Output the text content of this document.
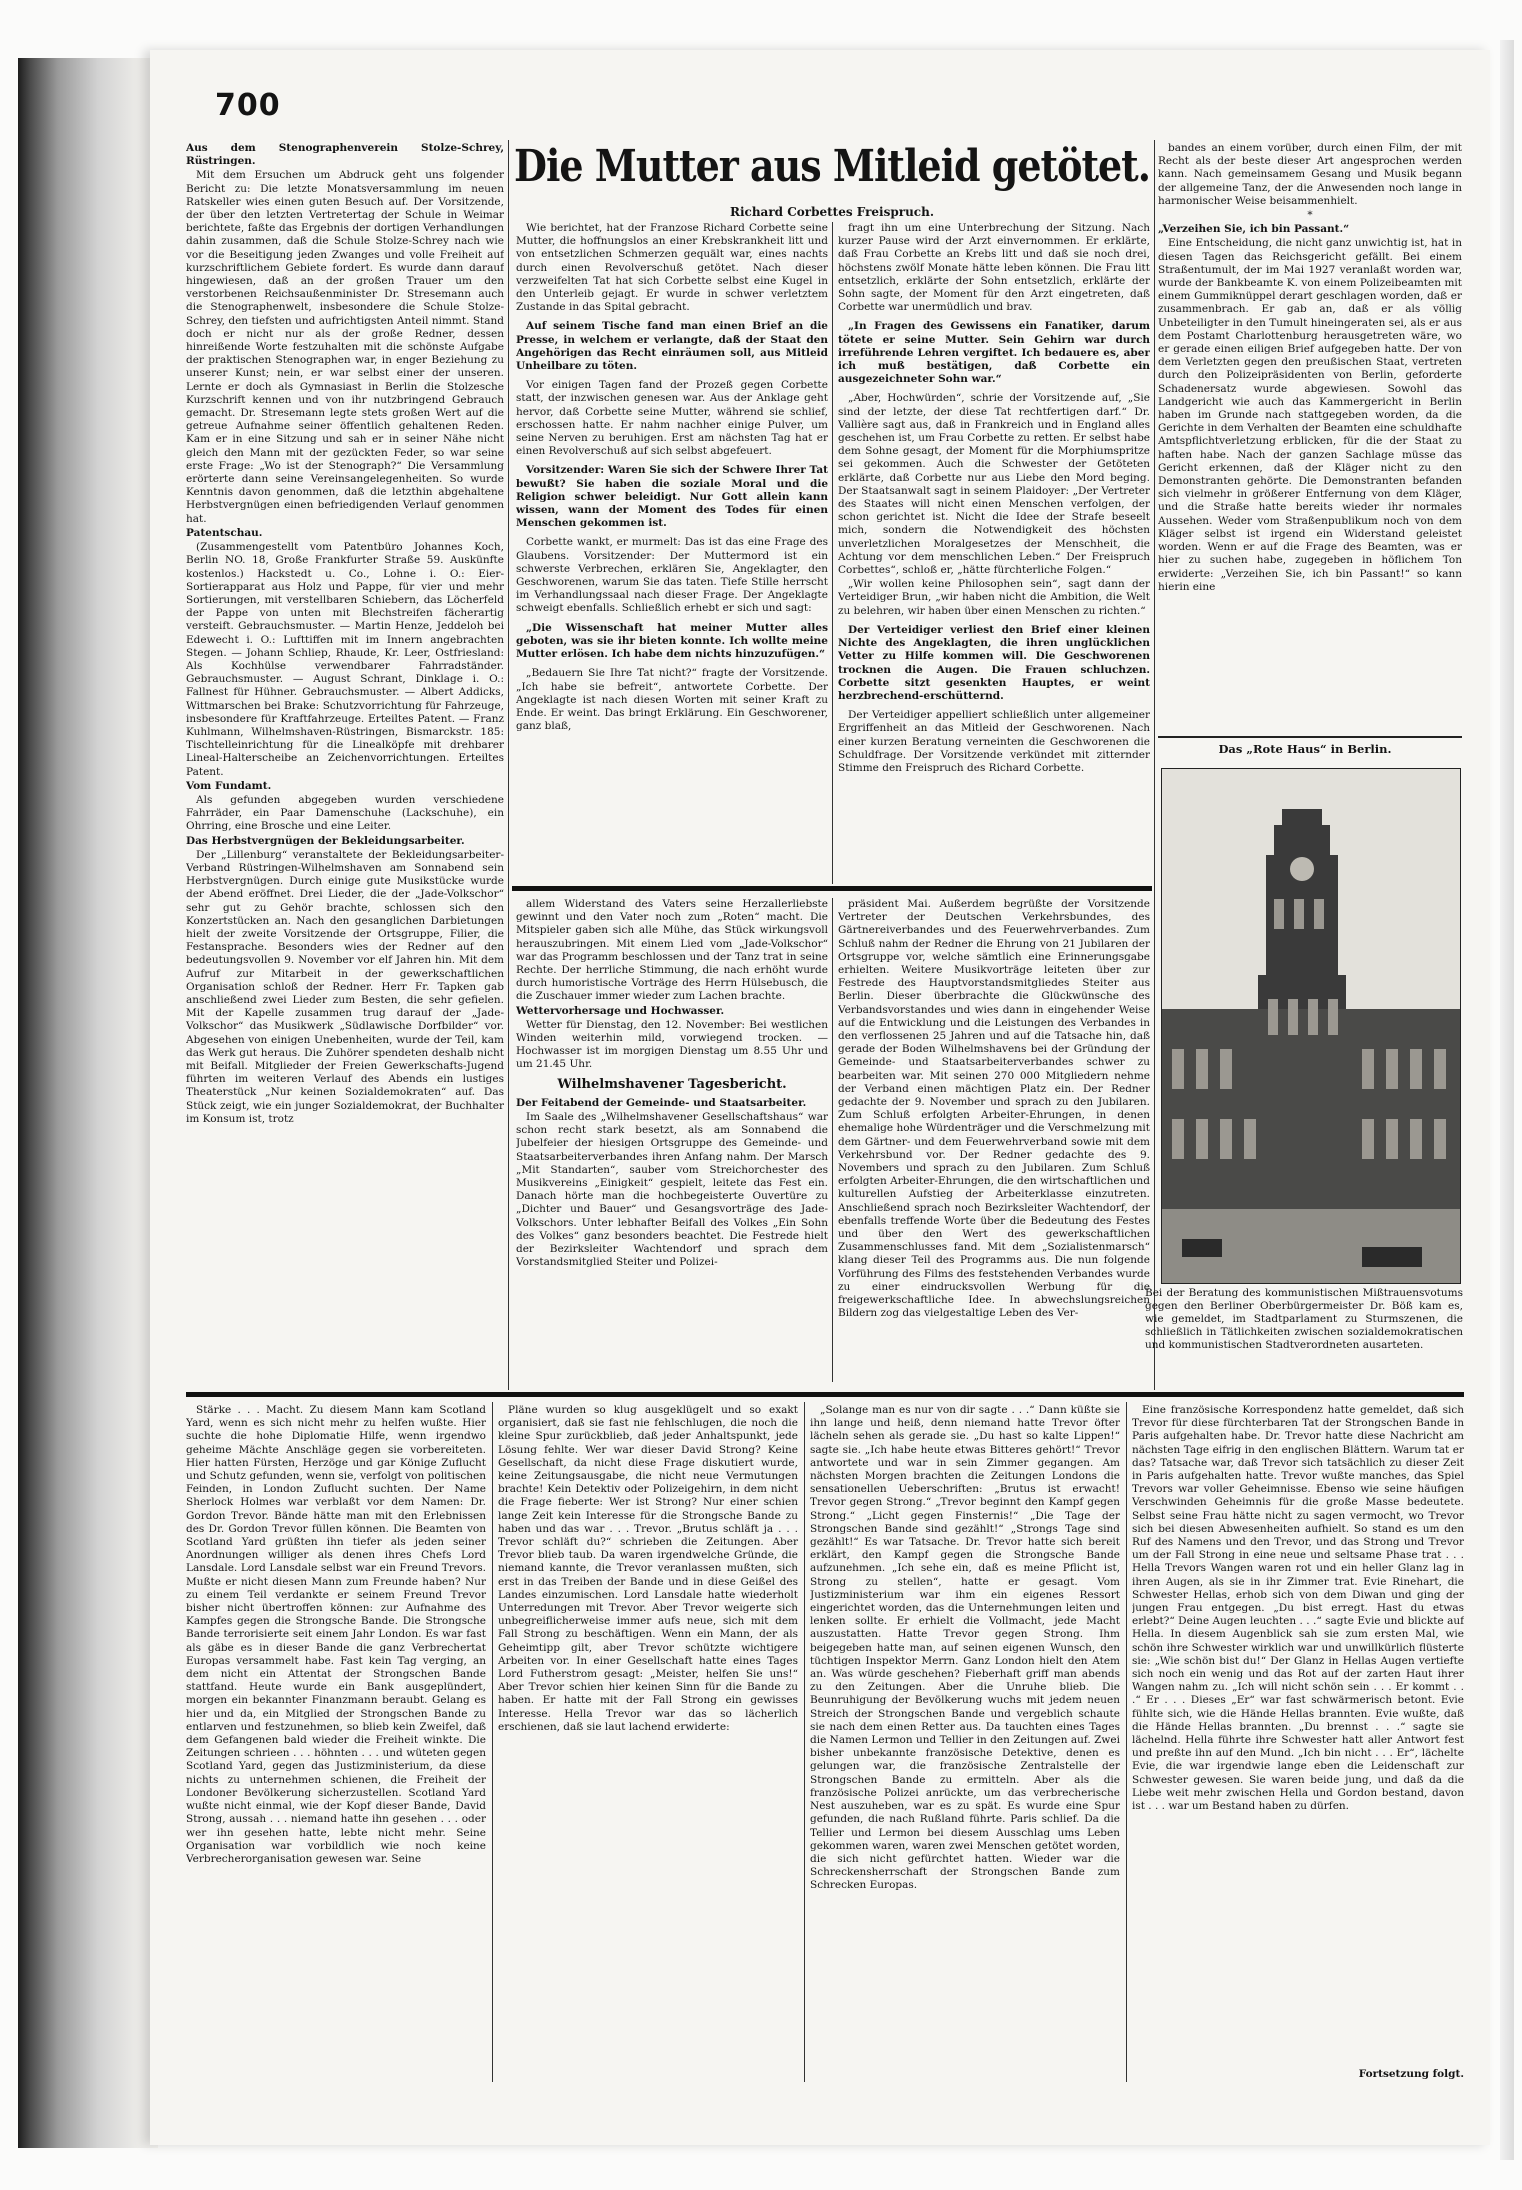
700

Aus dem Stenographenverein Stolze-Schrey, Rüstringen.

Mit dem Ersuchen um Abdruck geht uns folgender Bericht zu: Die letzte Monatsversammlung im neuen Ratskeller wies einen guten Besuch auf. Der Vorsitzende, der über den letzten Vertretertag der Schule in Weimar berichtete, faßte das Ergebnis der dortigen Verhandlungen dahin zusammen, daß die Schule Stolze-Schrey nach wie vor die Beseitigung jeden Zwanges und volle Freiheit auf kurzschriftlichem Gebiete fordert. Es wurde dann darauf hingewiesen, daß an der großen Trauer um den verstorbenen Reichsaußenminister Dr. Stresemann auch die Stenographenwelt, insbesondere die Schule Stolze-Schrey, den tiefsten und aufrichtigsten Anteil nimmt. Stand doch er nicht nur als der große Redner, dessen hinreißende Worte festzuhalten mit die schönste Aufgabe der praktischen Stenographen war, in enger Beziehung zu unserer Kunst; nein, er war selbst einer der unseren. Lernte er doch als Gymnasiast in Berlin die Stolzesche Kurzschrift kennen und von ihr nutzbringend Gebrauch gemacht. Dr. Stresemann legte stets großen Wert auf die getreue Aufnahme seiner öffentlich gehaltenen Reden. Kam er in eine Sitzung und sah er in seiner Nähe nicht gleich den Mann mit der gezückten Feder, so war seine erste Frage: „Wo ist der Stenograph?“ Die Versammlung erörterte dann seine Vereinsangelegenheiten. So wurde Kenntnis davon genommen, daß die letzthin abgehaltene Herbstvergnügen einen befriedigenden Verlauf genommen hat.

Patentschau.

(Zusammengestellt vom Patentbüro Johannes Koch, Berlin NO. 18, Große Frankfurter Straße 59. Auskünfte kostenlos.) Hackstedt u. Co., Lohne i. O.: Eier-Sortierapparat aus Holz und Pappe, für vier und mehr Sortierungen, mit verstellbaren Schiebern, das Löcherfeld der Pappe von unten mit Blechstreifen fächerartig versteift. Gebrauchsmuster. — Martin Henze, Jeddeloh bei Edewecht i. O.: Lufttiffen mit im Innern angebrachten Stegen. — Johann Schliep, Rhaude, Kr. Leer, Ostfriesland: Als Kochhülse verwendbarer Fahrradständer. Gebrauchsmuster. — August Schrant, Dinklage i. O.: Fallnest für Hühner. Gebrauchsmuster. — Albert Addicks, Wittmarschen bei Brake: Schutzvorrichtung für Fahrzeuge, insbesondere für Kraftfahrzeuge. Erteiltes Patent. — Franz Kuhlmann, Wilhelmshaven-Rüstringen, Bismarckstr. 185: Tischtelleinrichtung für die Linealköpfe mit drehbarer Lineal-Halterscheibe an Zeichenvorrichtungen. Erteiltes Patent.

Vom Fundamt.

Als gefunden abgegeben wurden verschiedene Fahrräder, ein Paar Damenschuhe (Lackschuhe), ein Ohrring, eine Brosche und eine Leiter.

Das Herbstvergnügen der Bekleidungsarbeiter.

Der „Lillenburg“ veranstaltete der Bekleidungsarbeiter-Verband Rüstringen-Wilhelmshaven am Sonnabend sein Herbstvergnügen. Durch einige gute Musikstücke wurde der Abend eröffnet. Drei Lieder, die der „Jade-Volkschor“ sehr gut zu Gehör brachte, schlossen sich den Konzertstücken an. Nach den gesanglichen Darbietungen hielt der zweite Vorsitzende der Ortsgruppe, Filier, die Festansprache. Besonders wies der Redner auf den bedeutungsvollen 9. November vor elf Jahren hin. Mit dem Aufruf zur Mitarbeit in der gewerkschaftlichen Organisation schloß der Redner. Herr Fr. Tapken gab anschließend zwei Lieder zum Besten, die sehr gefielen. Mit der Kapelle zusammen trug darauf der „Jade-Volkschor“ das Musikwerk „Südlawische Dorfbilder“ vor. Abgesehen von einigen Unebenheiten, wurde der Teil, kam das Werk gut heraus. Die Zuhörer spendeten deshalb nicht mit Beifall. Mitglieder der Freien Gewerkschafts-Jugend führten im weiteren Verlauf des Abends ein lustiges Theaterstück „Nur keinen Sozialdemokraten“ auf. Das Stück zeigt, wie ein junger Sozialdemokrat, der Buchhalter im Konsum ist, trotz

Die Mutter aus Mitleid getötet.
Richard Corbettes Freispruch.

Wie berichtet, hat der Franzose Richard Corbette seine Mutter, die hoffnungslos an einer Krebskrankheit litt und von entsetzlichen Schmerzen gequält war, eines nachts durch einen Revolverschuß getötet. Nach dieser verzweifelten Tat hat sich Corbette selbst eine Kugel in den Unterleib gejagt. Er wurde in schwer verletztem Zustande in das Spital gebracht.

Auf seinem Tische fand man einen Brief an die Presse, in welchem er verlangte, daß der Staat den Angehörigen das Recht einräumen soll, aus Mitleid Unheilbare zu töten.

Vor einigen Tagen fand der Prozeß gegen Corbette statt, der inzwischen genesen war. Aus der Anklage geht hervor, daß Corbette seine Mutter, während sie schlief, erschossen hatte. Er nahm nachher einige Pulver, um seine Nerven zu beruhigen. Erst am nächsten Tag hat er einen Revolverschuß auf sich selbst abgefeuert.

Vorsitzender: Waren Sie sich der Schwere Ihrer Tat bewußt? Sie haben die soziale Moral und die Religion schwer beleidigt. Nur Gott allein kann wissen, wann der Moment des Todes für einen Menschen gekommen ist.

Corbette wankt, er murmelt: Das ist das eine Frage des Glaubens. Vorsitzender: Der Muttermord ist ein schwerste Verbrechen, erklären Sie, Angeklagter, den Geschworenen, warum Sie das taten. Tiefe Stille herrscht im Verhandlungssaal nach dieser Frage. Der Angeklagte schweigt ebenfalls. Schließlich erhebt er sich und sagt:

„Die Wissenschaft hat meiner Mutter alles geboten, was sie ihr bieten konnte. Ich wollte meine Mutter erlösen. Ich habe dem nichts hinzuzufügen.“

„Bedauern Sie Ihre Tat nicht?“ fragte der Vorsitzende. „Ich habe sie befreit“, antwortete Corbette. Der Angeklagte ist nach diesen Worten mit seiner Kraft zu Ende. Er weint. Das bringt Erklärung. Ein Geschworener, ganz blaß,

fragt ihn um eine Unterbrechung der Sitzung. Nach kurzer Pause wird der Arzt einvernommen. Er erklärte, daß Frau Corbette an Krebs litt und daß sie noch drei, höchstens zwölf Monate hätte leben können. Die Frau litt entsetzlich, erklärte der Sohn entsetzlich, erklärte der Sohn sagte, der Moment für den Arzt eingetreten, daß Corbette war unermüdlich und brav.

„In Fragen des Gewissens ein Fanatiker, darum tötete er seine Mutter. Sein Gehirn war durch irreführende Lehren vergiftet. Ich bedauere es, aber ich muß bestätigen, daß Corbette ein ausgezeichneter Sohn war.“

„Aber, Hochwürden“, schrie der Vorsitzende auf, „Sie sind der letzte, der diese Tat rechtfertigen darf.“ Dr. Vallière sagt aus, daß in Frankreich und in England alles geschehen ist, um Frau Corbette zu retten. Er selbst habe dem Sohne gesagt, der Moment für die Morphiumspritze sei gekommen. Auch die Schwester der Getöteten erklärte, daß Corbette nur aus Liebe den Mord beging. Der Staatsanwalt sagt in seinem Plaidoyer: „Der Vertreter des Staates will nicht einen Menschen verfolgen, der schon gerichtet ist. Nicht die Idee der Strafe beseelt mich, sondern die Notwendigkeit des höchsten unverletzlichen Moralgesetzes der Menschheit, die Achtung vor dem menschlichen Leben.“ Der Freispruch Corbettes“, schloß er, „hätte fürchterliche Folgen.“

„Wir wollen keine Philosophen sein“, sagt dann der Verteidiger Brun, „wir haben nicht die Ambition, die Welt zu belehren, wir haben über einen Menschen zu richten.“

Der Verteidiger verliest den Brief einer kleinen Nichte des Angeklagten, die ihren unglücklichen Vetter zu Hilfe kommen will. Die Geschworenen trocknen die Augen. Die Frauen schluchzen. Corbette sitzt gesenkten Hauptes, er weint herzbrechend-erschütternd.

Der Verteidiger appelliert schließlich unter allgemeiner Ergriffenheit an das Mitleid der Geschworenen. Nach einer kurzen Beratung verneinten die Geschworenen die Schuldfrage. Der Vorsitzende verkündet mit zitternder Stimme den Freispruch des Richard Corbette.

allem Widerstand des Vaters seine Herzallerliebste gewinnt und den Vater noch zum „Roten“ macht. Die Mitspieler gaben sich alle Mühe, das Stück wirkungsvoll herauszubringen. Mit einem Lied vom „Jade-Volkschor“ war das Programm beschlossen und der Tanz trat in seine Rechte. Der herrliche Stimmung, die nach erhöht wurde durch humoristische Vorträge des Herrn Hülsebusch, die die Zuschauer immer wieder zum Lachen brachte.

Wettervorhersage und Hochwasser.

Wetter für Dienstag, den 12. November: Bei westlichen Winden weiterhin mild, vorwiegend trocken. — Hochwasser ist im morgigen Dienstag um 8.55 Uhr und um 21.45 Uhr.

Wilhelmshavener Tagesbericht.

Der Feitabend der Gemeinde- und Staatsarbeiter.

Im Saale des „Wilhelmshavener Gesellschaftshaus“ war schon recht stark besetzt, als am Sonnabend die Jubelfeier der hiesigen Ortsgruppe des Gemeinde- und Staatsarbeiterverbandes ihren Anfang nahm. Der Marsch „Mit Standarten“, sauber vom Streichorchester des Musikvereins „Einigkeit“ gespielt, leitete das Fest ein. Danach hörte man die hochbegeisterte Ouvertüre zu „Dichter und Bauer“ und Gesangsvorträge des Jade-Volkschors. Unter lebhafter Beifall des Volkes „Ein Sohn des Volkes“ ganz besonders beachtet. Die Festrede hielt der Bezirksleiter Wachtendorf und sprach dem Vorstandsmitglied Steiter und Polizei-

präsident Mai. Außerdem begrüßte der Vorsitzende Vertreter der Deutschen Verkehrsbundes, des Gärtnereiverbandes und des Feuerwehrverbandes. Zum Schluß nahm der Redner die Ehrung von 21 Jubilaren der Ortsgruppe vor, welche sämtlich eine Erinnerungsgabe erhielten. Weitere Musikvorträge leiteten über zur Festrede des Hauptvorstandsmitgliedes Steiter aus Berlin. Dieser überbrachte die Glückwünsche des Verbandsvorstandes und wies dann in eingehender Weise auf die Entwicklung und die Leistungen des Verbandes in den verflossenen 25 Jahren und auf die Tatsache hin, daß gerade der Boden Wilhelmshavens bei der Gründung der Gemeinde- und Staatsarbeiterverbandes schwer zu bearbeiten war. Mit seinen 270 000 Mitgliedern nehme der Verband einen mächtigen Platz ein. Der Redner gedachte der 9. November und sprach zu den Jubilaren. Zum Schluß erfolgten Arbeiter-Ehrungen, in denen ehemalige hohe Würdenträger und die Verschmelzung mit dem Gärtner- und dem Feuerwehrverband sowie mit dem Verkehrsbund vor. Der Redner gedachte des 9. Novembers und sprach zu den Jubilaren. Zum Schluß erfolgten Arbeiter-Ehrungen, die den wirtschaftlichen und kulturellen Aufstieg der Arbeiterklasse einzutreten. Anschließend sprach noch Bezirksleiter Wachtendorf, der ebenfalls treffende Worte über die Bedeutung des Festes und über den Wert des gewerkschaftlichen Zusammenschlusses fand. Mit dem „Sozialistenmarsch“ klang dieser Teil des Programms aus. Die nun folgende Vorführung des Films des feststehenden Verbandes wurde zu einer eindrucksvollen Werbung für die freigewerkschaftliche Idee. In abwechslungsreichen Bildern zog das vielgestaltige Leben des Ver-

bandes an einem vorüber, durch einen Film, der mit Recht als der beste dieser Art angesprochen werden kann. Nach gemeinsamem Gesang und Musik begann der allgemeine Tanz, der die Anwesenden noch lange in harmonischer Weise beisammenhielt.

*

„Verzeihen Sie, ich bin Passant.“

Eine Entscheidung, die nicht ganz unwichtig ist, hat in diesen Tagen das Reichsgericht gefällt. Bei einem Straßentumult, der im Mai 1927 veranlaßt worden war, wurde der Bankbeamte K. von einem Polizeibeamten mit einem Gummiknüppel derart geschlagen worden, daß er zusammenbrach. Er gab an, daß er als völlig Unbeteiligter in den Tumult hineingeraten sei, als er aus dem Postamt Charlottenburg herausgetreten wäre, wo er gerade einen eiligen Brief aufgegeben hatte. Der von dem Verletzten gegen den preußischen Staat, vertreten durch den Polizeipräsidenten von Berlin, geforderte Schadenersatz wurde abgewiesen. Sowohl das Landgericht wie auch das Kammergericht in Berlin haben im Grunde nach stattgegeben worden, da die Gerichte in dem Verhalten der Beamten eine schuldhafte Amtspflichtverletzung erblicken, für die der Staat zu haften habe. Nach der ganzen Sachlage müsse das Gericht erkennen, daß der Kläger nicht zu den Demonstranten gehörte. Die Demonstranten befanden sich vielmehr in größerer Entfernung von dem Kläger, und die Straße hatte bereits wieder ihr normales Aussehen. Weder vom Straßenpublikum noch von dem Kläger selbst ist irgend ein Widerstand geleistet worden. Wenn er auf die Frage des Beamten, was er hier zu suchen habe, zugegeben in höflichem Ton erwiderte: „Verzeihen Sie, ich bin Passant!“ so kann hierin eine

Das „Rote Haus“ in Berlin.
Bei der Beratung des kommunistischen Mißtrauensvotums gegen den Berliner Oberbürgermeister Dr. Böß kam es, wie gemeldet, im Stadtparlament zu Sturmszenen, die schließlich in Tätlichkeiten zwischen sozialdemokratischen und kommunistischen Stadtverordneten ausarteten.

Stärke . . . Macht. Zu diesem Mann kam Scotland Yard, wenn es sich nicht mehr zu helfen wußte. Hier suchte die hohe Diplomatie Hilfe, wenn irgendwo geheime Mächte Anschläge gegen sie vorbereiteten. Hier hatten Fürsten, Herzöge und gar Könige Zuflucht und Schutz gefunden, wenn sie, verfolgt von politischen Feinden, in London Zuflucht suchten. Der Name Sherlock Holmes war verblaßt vor dem Namen: Dr. Gordon Trevor. Bände hätte man mit den Erlebnissen des Dr. Gordon Trevor füllen können. Die Beamten von Scotland Yard grüßten ihn tiefer als jeden seiner Anordnungen williger als denen ihres Chefs Lord Lansdale. Lord Lansdale selbst war ein Freund Trevors. Mußte er nicht diesen Mann zum Freunde haben? Nur zu einem Teil verdankte er seinem Freund Trevor bisher nicht übertroffen können: zur Aufnahme des Kampfes gegen die Strongsche Bande. Die Strongsche Bande terrorisierte seit einem Jahr London. Es war fast als gäbe es in dieser Bande die ganz Verbrechertat Europas versammelt habe. Fast kein Tag verging, an dem nicht ein Attentat der Strongschen Bande stattfand. Heute wurde ein Bank ausgeplündert, morgen ein bekannter Finanzmann beraubt. Gelang es hier und da, ein Mitglied der Strongschen Bande zu entlarven und festzunehmen, so blieb kein Zweifel, daß dem Gefangenen bald wieder die Freiheit winkte. Die Zeitungen schrieen . . . höhnten . . . und wüteten gegen Scotland Yard, gegen das Justizministerium, da diese nichts zu unternehmen schienen, die Freiheit der Londoner Bevölkerung sicherzustellen. Scotland Yard wußte nicht einmal, wie der Kopf dieser Bande, David Strong, aussah . . . niemand hatte ihn gesehen . . . oder wer ihn gesehen hatte, lebte nicht mehr. Seine Organisation war vorbildlich wie noch keine Verbrecherorganisation gewesen war. Seine

Pläne wurden so klug ausgeklügelt und so exakt organisiert, daß sie fast nie fehlschlugen, die noch die kleine Spur zurückblieb, daß jeder Anhaltspunkt, jede Lösung fehlte. Wer war dieser David Strong? Keine Gesellschaft, da nicht diese Frage diskutiert wurde, keine Zeitungsausgabe, die nicht neue Vermutungen brachte! Kein Detektiv oder Polizeigehirn, in dem nicht die Frage fieberte: Wer ist Strong? Nur einer schien lange Zeit kein Interesse für die Strongsche Bande zu haben und das war . . . Trevor. „Brutus schläft ja . . . Trevor schläft du?“ schrieben die Zeitungen. Aber Trevor blieb taub. Da waren irgendwelche Gründe, die niemand kannte, die Trevor veranlassen mußten, sich erst in das Treiben der Bande und in diese Geißel des Landes einzumischen. Lord Lansdale hatte wiederholt Unterredungen mit Trevor. Aber Trevor weigerte sich unbegreiflicherweise immer aufs neue, sich mit dem Fall Strong zu beschäftigen. Wenn ein Mann, der als Geheimtipp gilt, aber Trevor schützte wichtigere Arbeiten vor. In einer Gesellschaft hatte eines Tages Lord Futherstrom gesagt: „Meister, helfen Sie uns!“ Aber Trevor schien hier keinen Sinn für die Bande zu haben. Er hatte mit der Fall Strong ein gewisses Interesse. Hella Trevor war das so lächerlich erschienen, daß sie laut lachend erwiderte:

„Solange man es nur von dir sagte . . .“ Dann küßte sie ihn lange und heiß, denn niemand hatte Trevor öfter lächeln sehen als gerade sie. „Du hast so kalte Lippen!“ sagte sie. „Ich habe heute etwas Bitteres gehört!“ Trevor antwortete und war in sein Zimmer gegangen. Am nächsten Morgen brachten die Zeitungen Londons die sensationellen Ueberschriften: „Brutus ist erwacht! Trevor gegen Strong.“ „Trevor beginnt den Kampf gegen Strong.“ „Licht gegen Finsternis!“ „Die Tage der Strongschen Bande sind gezählt!“ „Strongs Tage sind gezählt!“ Es war Tatsache. Dr. Trevor hatte sich bereit erklärt, den Kampf gegen die Strongsche Bande aufzunehmen. „Ich sehe ein, daß es meine Pflicht ist, Strong zu stellen“, hatte er gesagt. Vom Justizministerium war ihm ein eigenes Ressort eingerichtet worden, das die Unternehmungen leiten und lenken sollte. Er erhielt die Vollmacht, jede Macht auszustatten. Hatte Trevor gegen Strong. Ihm beigegeben hatte man, auf seinen eigenen Wunsch, den tüchtigen Inspektor Merrn. Ganz London hielt den Atem an. Was würde geschehen? Fieberhaft griff man abends zu den Zeitungen. Aber die Unruhe blieb. Die Beunruhigung der Bevölkerung wuchs mit jedem neuen Streich der Strongschen Bande und vergeblich schaute sie nach dem einen Retter aus. Da tauchten eines Tages die Namen Lermon und Tellier in den Zeitungen auf. Zwei bisher unbekannte französische Detektive, denen es gelungen war, die französische Zentralstelle der Strongschen Bande zu ermitteln. Aber als die französische Polizei anrückte, um das verbrecherische Nest auszuheben, war es zu spät. Es wurde eine Spur gefunden, die nach Rußland führte. Paris schlief. Da die Tellier und Lermon bei diesem Ausschlag ums Leben gekommen waren, waren zwei Menschen getötet worden, die sich nicht gefürchtet hatten. Wieder war die Schreckensherrschaft der Strongschen Bande zum Schrecken Europas.

Eine französische Korrespondenz hatte gemeldet, daß sich Trevor für diese fürchterbaren Tat der Strongschen Bande in Paris aufgehalten habe. Dr. Trevor hatte diese Nachricht am nächsten Tage eifrig in den englischen Blättern. Warum tat er das? Tatsache war, daß Trevor sich tatsächlich zu dieser Zeit in Paris aufgehalten hatte. Trevor wußte manches, das Spiel Trevors war voller Geheimnisse. Ebenso wie seine häufigen Verschwinden Geheimnis für die große Masse bedeutete. Selbst seine Frau hätte nicht zu sagen vermocht, wo Trevor sich bei diesen Abwesenheiten aufhielt. So stand es um den Ruf des Namens und den Trevor, und das Strong und Trevor um der Fall Strong in eine neue und seltsame Phase trat . . . Hella Trevors Wangen waren rot und ein heller Glanz lag in ihren Augen, als sie in ihr Zimmer trat. Evie Rinehart, die Schwester Hellas, erhob sich von dem Diwan und ging der jungen Frau entgegen. „Du bist erregt. Hast du etwas erlebt?“ Deine Augen leuchten . . .“ sagte Evie und blickte auf Hella. In diesem Augenblick sah sie zum ersten Mal, wie schön ihre Schwester wirklich war und unwillkürlich flüsterte sie: „Wie schön bist du!“ Der Glanz in Hellas Augen vertiefte sich noch ein wenig und das Rot auf der zarten Haut ihrer Wangen nahm zu. „Ich will nicht schön sein . . . Er kommt . . .“ Er . . . Dieses „Er“ war fast schwärmerisch betont. Evie fühlte sich, wie die Hände Hellas brannten. Evie wußte, daß die Hände Hellas brannten. „Du brennst . . .“ sagte sie lächelnd. Hella führte ihre Schwester hatt aller Antwort fest und preßte ihn auf den Mund. „Ich bin nicht . . . Er“, lächelte Evie, die war irgendwie lange eben die Leidenschaft zur Schwester gewesen. Sie waren beide jung, und daß da die Liebe weit mehr zwischen Hella und Gordon bestand, davon ist . . . war um Bestand haben zu dürfen.

Fortsetzung folgt.
